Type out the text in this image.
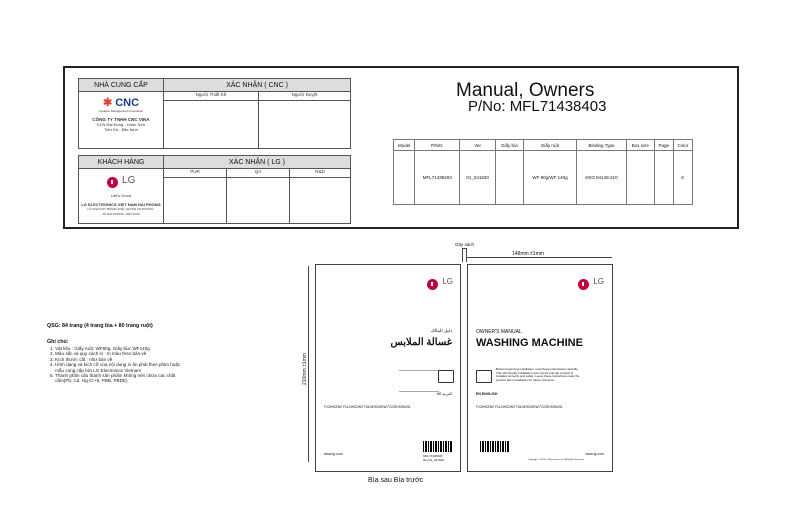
NHÀ CUNG CẤP	XÁC NHẬN ( CNC )	

✱ CNC
Creative Management Innovation
CÔNG TY TNHH CNC VINA
KCN Đại Đồng - Hoàn Sơn
Tiên Du - Bắc Ninh	Người Thiết Kế	Người Duyệt

KHÁCH HÀNG	XÁC NHẬN ( LG )		

$^{LG}$
Life's Good
LG ELECTRONICS VIET NAM HAI PHONG
LÔ CN2 KCN TRÀNG DUỆ, HUYỆN AN DƯƠNG,
TP HẢI PHÒNG, VIỆT NAM	PUR	QA	R&D

Manual, Owners
P/No: MFL71438403
Model	P/NO.	Ver	Giấy bìa	Giấy ruột	Binding Type	Box size	Page	Color
	MFL71438403	01_041520		WF 80g/WF 140g	KEO 84148-210			K
Gáy sách
148mm ±1mm
210mm ±1mm
QSG: 84 trang (4 trang bìa + 80 trang ruột)
Ghi chú:
1. Vật liệu : Giấy ruột: WF80g, Giấy bìa: WF140g
2. Màu sắc và quy cách in : In màu theo bản vẽ
3. Kích thước cắt : như bản vẽ
4. Hình dạng và kích cỡ của nội dung in ấn phải theo phim hoặc
mẫu cung cấp bởi LG Electronics Vietnam
5. Thành phần cấu thành sản phẩm không nên chứa các chất
cấm(Pb, Cd, Hg Cr+6, PBB, PBDE)
$^{LG}$
دليل المالك
غسالة الملابس
AR العربية
F2J3HS2W2 F14J3HS2W2 F18J3HS2W1W F22J3HS2W1W
www.lg.com	MFL71438403
Rev.01_041520
$^{LG}$
OWNER'S MANUAL
WASHING MACHINE
Before beginning installation, read these instructions carefully. This will simplify installation and ensure that the product is installed correctly and safely. Leave these instructions near the product after installation for future reference.
EN ENGLISH
F2J3HS2W2 F14J3HS2W2 F18J3HS2W1W F22J3HS2W1W
www.lg.com
Copyright © 2020 LG Electronics Inc. All Rights Reserved
Bìa sau Bìa trước
